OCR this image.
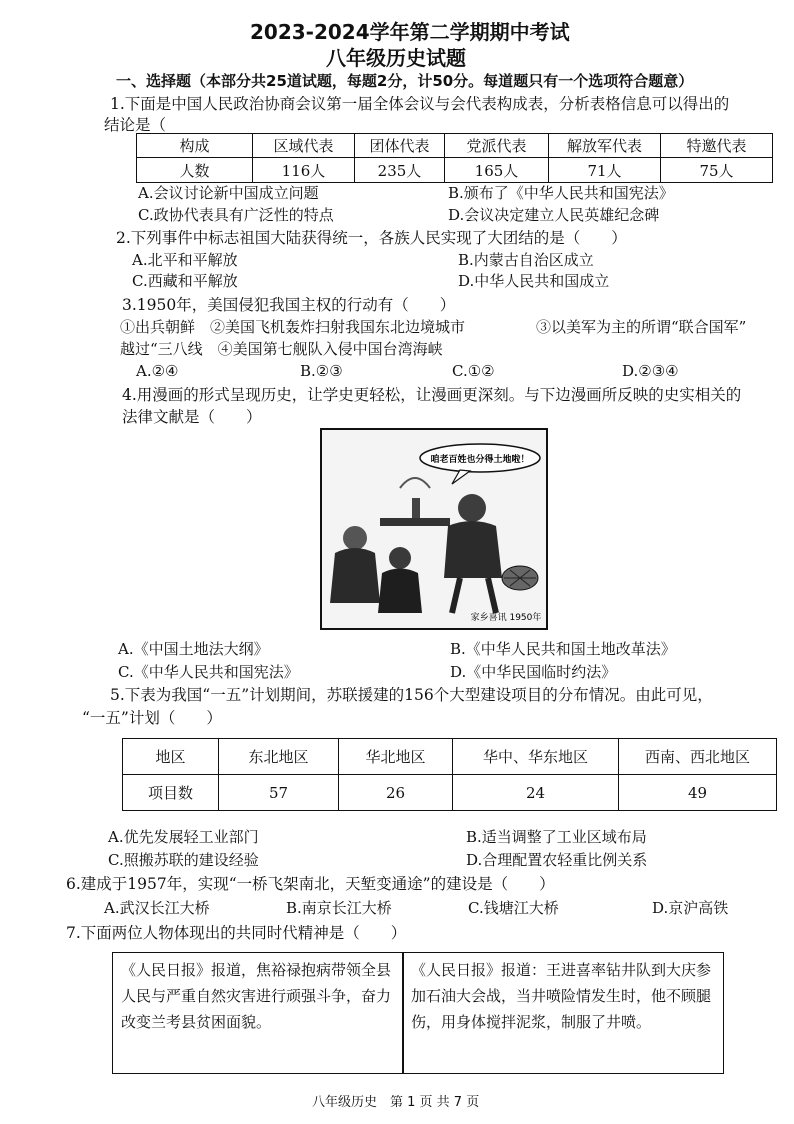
2023-2024学年第二学期期中考试
八年级历史试题
一、选择题（本部分共25道试题，每题2分，计50分。每道题只有一个选项符合题意）
1.下面是中国人民政治协商会议第一届全体会议与会代表构成表，分析表格信息可以得出的
结论是（
构成	区域代表	团体代表	党派代表	解放军代表	特邀代表
人数	116人	235人	165人	71人	75人
A.会议讨论新中国成立问题	B.颁布了《中华人民共和国宪法》
C.政协代表具有广泛性的特点	D.会议决定建立人民英雄纪念碑
2.下列事件中标志祖国大陆获得统一，各族人民实现了大团结的是（　　）
A.北平和平解放	B.内蒙古自治区成立
C.西藏和平解放	D.中华人民共和国成立
3.1950年，美国侵犯我国主权的行动有（　　）
①出兵朝鲜 ②美国飞机轰炸扫射我国东北边境城市	③以美军为主的所谓“联合国军”
越过“三八线　④美国第七舰队入侵中国台湾海峡
A.②④	B.②③	C.①②	D.②③④
4.用漫画的形式呈现历史，让学史更轻松，让漫画更深刻。与下边漫画所反映的史实相关的
法律文献是（　　）
咱老百姓也分得土地啦！
家乡喜讯 1950年
A.《中国土地法大纲》	B.《中华人民共和国土地改革法》
C.《中华人民共和国宪法》	D.《中华民国临时约法》
5.下表为我国“一五”计划期间，苏联援建的156个大型建设项目的分布情况。由此可见，
“一五”计划（　　）
地区	东北地区	华北地区	华中、华东地区	西南、西北地区
项目数	57	26	24	49
A.优先发展轻工业部门	B.适当调整了工业区域布局
C.照搬苏联的建设经验	D.合理配置农轻重比例关系
6.建成于1957年，实现“一桥飞架南北，天堑变通途”的建设是（　　）
A.武汉长江大桥	B.南京长江大桥	C.钱塘江大桥	D.京沪高铁
7.下面两位人物体现出的共同时代精神是（　　）

《人民日报》报道，焦裕禄抱病带领全县人民与严重自然灾害进行顽强斗争，奋力改变兰考县贫困面貌。

《人民日报》报道：王进喜率钻井队到大庆参加石油大会战，当井喷险情发生时，他不顾腿伤，用身体搅拌泥浆，制服了井喷。

八年级历史　第 1 页 共 7 页
